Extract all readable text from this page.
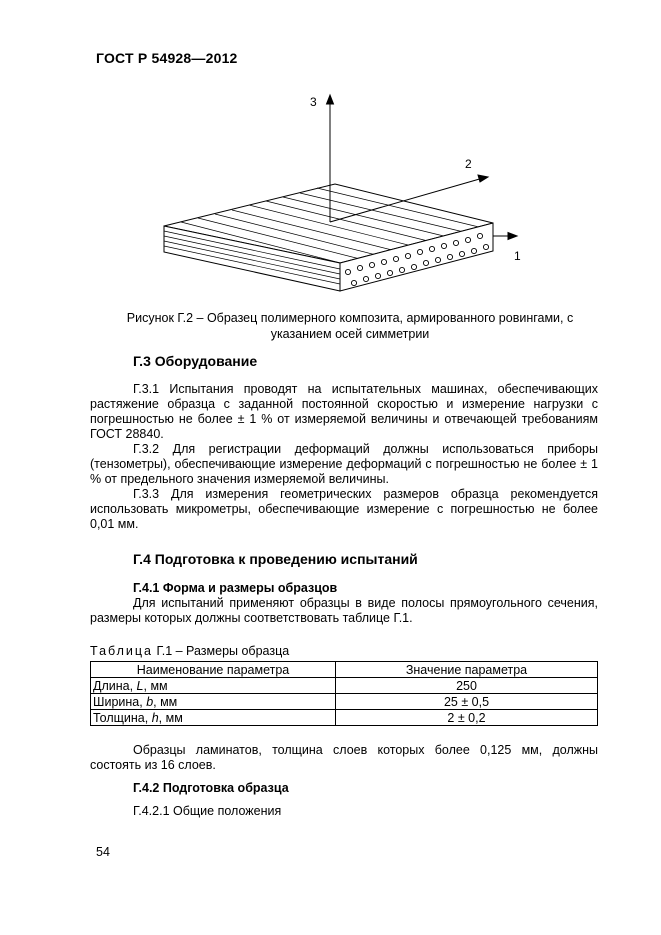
ГОСТ Р 54928—2012
3
2
1
Рисунок Г.2 – Образец полимерного композита, армированного ровингами, с
указанием осей симметрии
Г.3 Оборудование

Г.3.1 Испытания проводят на испытательных машинах, обеспечивающих растяжение образца с заданной постоянной скоростью и измерение нагрузки с погрешностью не более ± 1 % от измеряемой величины и отвечающей требованиям ГОСТ 28840.

Г.3.2 Для регистрации деформаций должны использоваться приборы (тензометры), обеспечивающие измерение деформаций с погрешностью не более ± 1 % от предельного значения измеряемой величины.

Г.3.3 Для измерения геометрических размеров образца рекомендуется использовать микрометры, обеспечивающие измерение с погрешностью не более 0,01 мм.

Г.4 Подготовка к проведению испытаний
Г.4.1 Форма и размеры образцов

Для испытаний применяют образцы в виде полосы прямоугольного сечения, размеры которых должны соответствовать таблице Г.1.

Таблица Г.1 – Размеры образца
Наименование параметра	Значение параметра
Длина, L, мм	250
Ширина, b, мм	25 ± 0,5
Толщина, h, мм	2 ± 0,2

Образцы ламинатов, толщина слоев которых более 0,125 мм, должны состоять из 16 слоев.

Г.4.2 Подготовка образца
Г.4.2.1 Общие положения
54
